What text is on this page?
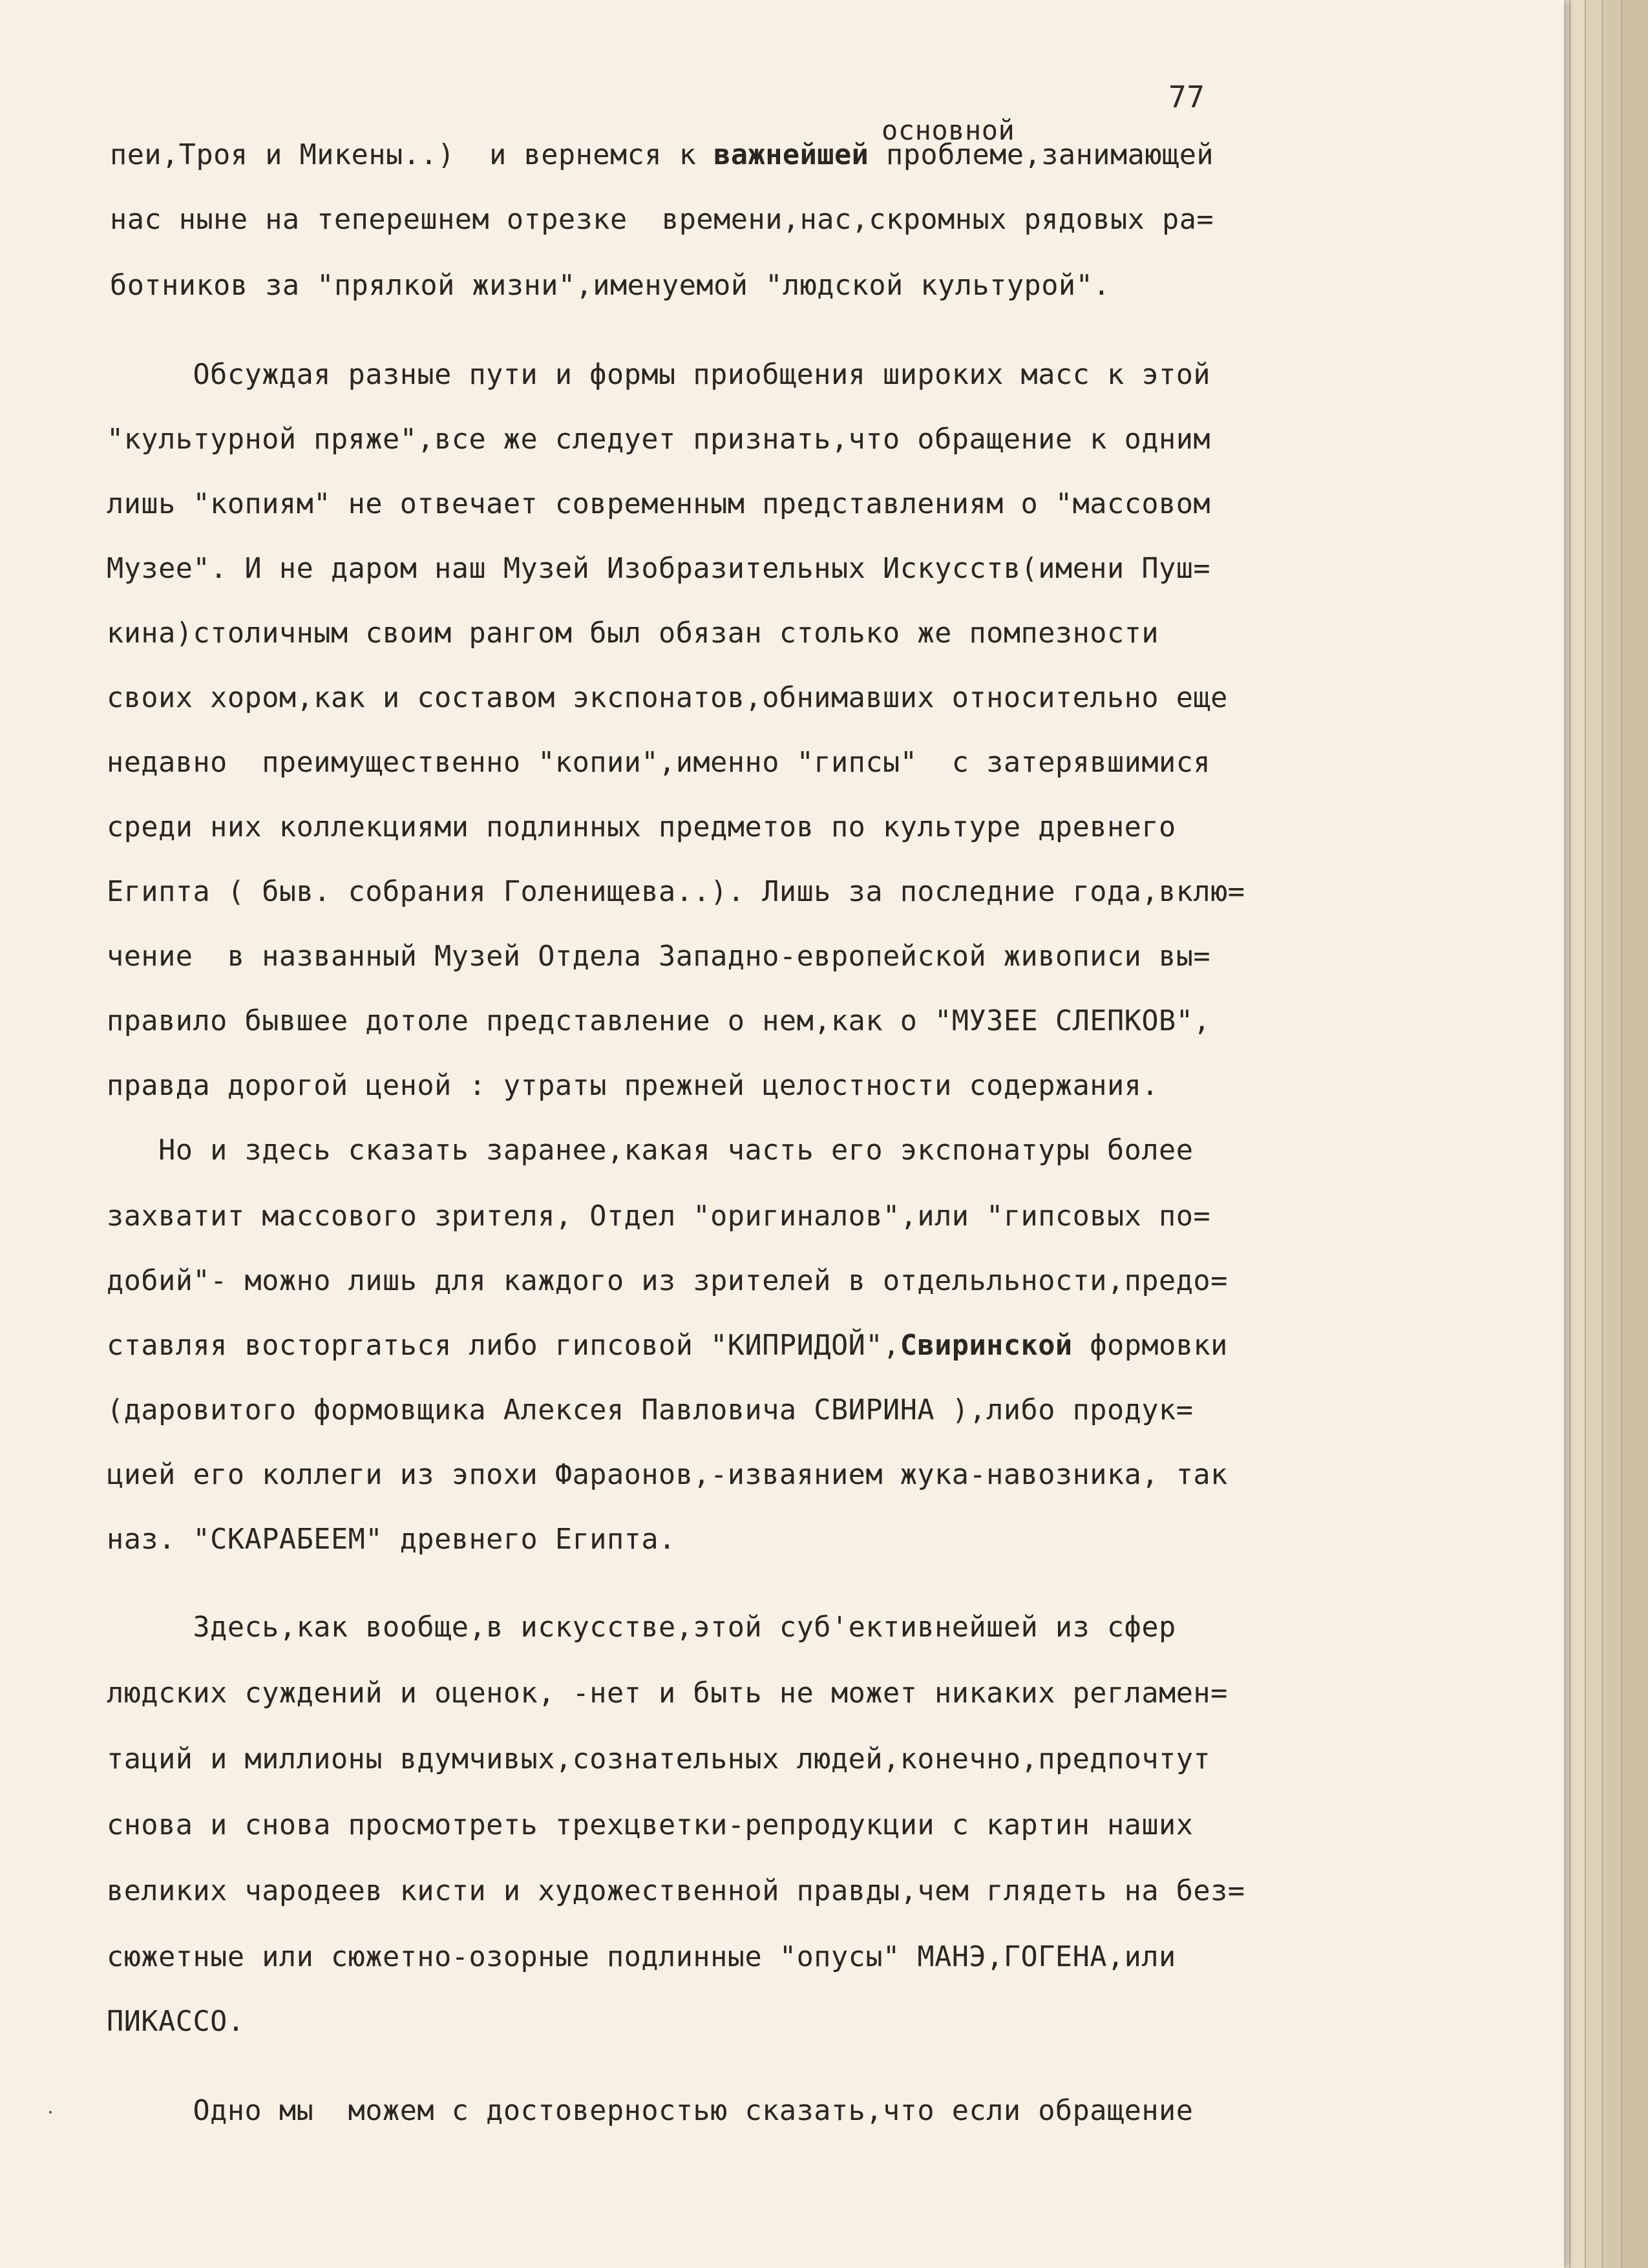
77
основной
пеи,Троя и Микены..)  и вернемся к важнейшей проблеме,занимающей
нас ныне на теперешнем отрезке  времени,нас,скромных рядовых ра=
ботников за "прялкой жизни",именуемой "людской культурой".
Обсуждая разные пути и формы приобщения широких масс к этой
"культурной пряже",все же следует признать,что обращение к одним
лишь "копиям" не отвечает современным представлениям о "массовом
Музее". И не даром наш Музей Изобразительных Искусств(имени Пуш=
кина)столичным своим рангом был обязан столько же помпезности
своих хором,как и составом экспонатов,обнимавших относительно еще
недавно  преимущественно "копии",именно "гипсы"  с затерявшимися
среди них коллекциями подлинных предметов по культуре древнего
Египта ( быв. собрания Голенищева..). Лишь за последние года,вклю=
чение  в названный Музей Отдела Западно-европейской живописи вы=
правило бывшее дотоле представление о нем,как о "МУЗЕЕ СЛЕПКОВ",
правда дорогой ценой : утраты прежней целостности содержания.
Но и здесь сказать заранее,какая часть его экспонатуры более
захватит массового зрителя, Отдел "оригиналов",или "гипсовых по=
добий"- можно лишь для каждого из зрителей в отдельльности,предо=
ставляя восторгаться либо гипсовой "КИПРИДОЙ",Свиринской формовки
(даровитого формовщика Алексея Павловича СВИРИНА ),либо продук=
цией его коллеги из эпохи Фараонов,-изваянием жука-навозника, так
наз. "СКАРАБЕЕМ" древнего Египта.
Здесь,как вообще,в искусстве,этой суб'ективнейшей из сфер
людских суждений и оценок, -нет и быть не может никаких регламен=
таций и миллионы вдумчивых,сознательных людей,конечно,предпочтут
снова и снова просмотреть трехцветки-репродукции с картин наших
великих чародеев кисти и художественной правды,чем глядеть на без=
сюжетные или сюжетно-озорные подлинные "опусы" МАНЭ,ГОГЕНА,или
ПИКАССО.
Одно мы  можем с достоверностью сказать,что если обращение
